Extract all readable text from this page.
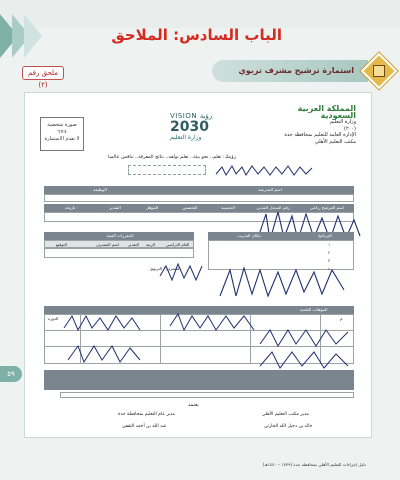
الباب السادس: الملاحق
ملحق رقم (٢)
استمارة ترشيح مشرف تربوي
صورة شخصية
٤×٦
لا تقدم الاستمارة
VISION رؤية
2030
وزارة التعليم
المملكة العربية السعودية
وزارة التعليم
(٢٠٠)
الإدارة العامة للتعليم بمحافظة جدة
مكتب التعليم الأهلي
رؤيتك: تعلم.. نحو بيئة.. تعلم تولفه.. نتائج المعرفة.. تنافس عالميا
اسم المدرسة
الوظيفة
اسم المرشح رباعي
رقم السجل المدني
الجنسية
التخصص
المؤهل
التقدير
تاريخه
المقررات الفنية
العام الدراسي
الرتبة
التقدير
اسم المشرف
التوقيع
البرنامج
مكان التدريب
١
٢
٣
٤
المشرف / التربوي
المؤهلات العلمية
الدورة	م
يعتمد
مدير عام التعليم بمحافظة جدة
عبد الله بن أحمد الثقفي
مدير مكتب التعليم الأهلي
خالد بن دخيل الله الحارثي
٥٩
دليل إجراءات التعليم الأهلي بمحافظة جدة (١٤٣٩ – ١٤٤٠هـ)
